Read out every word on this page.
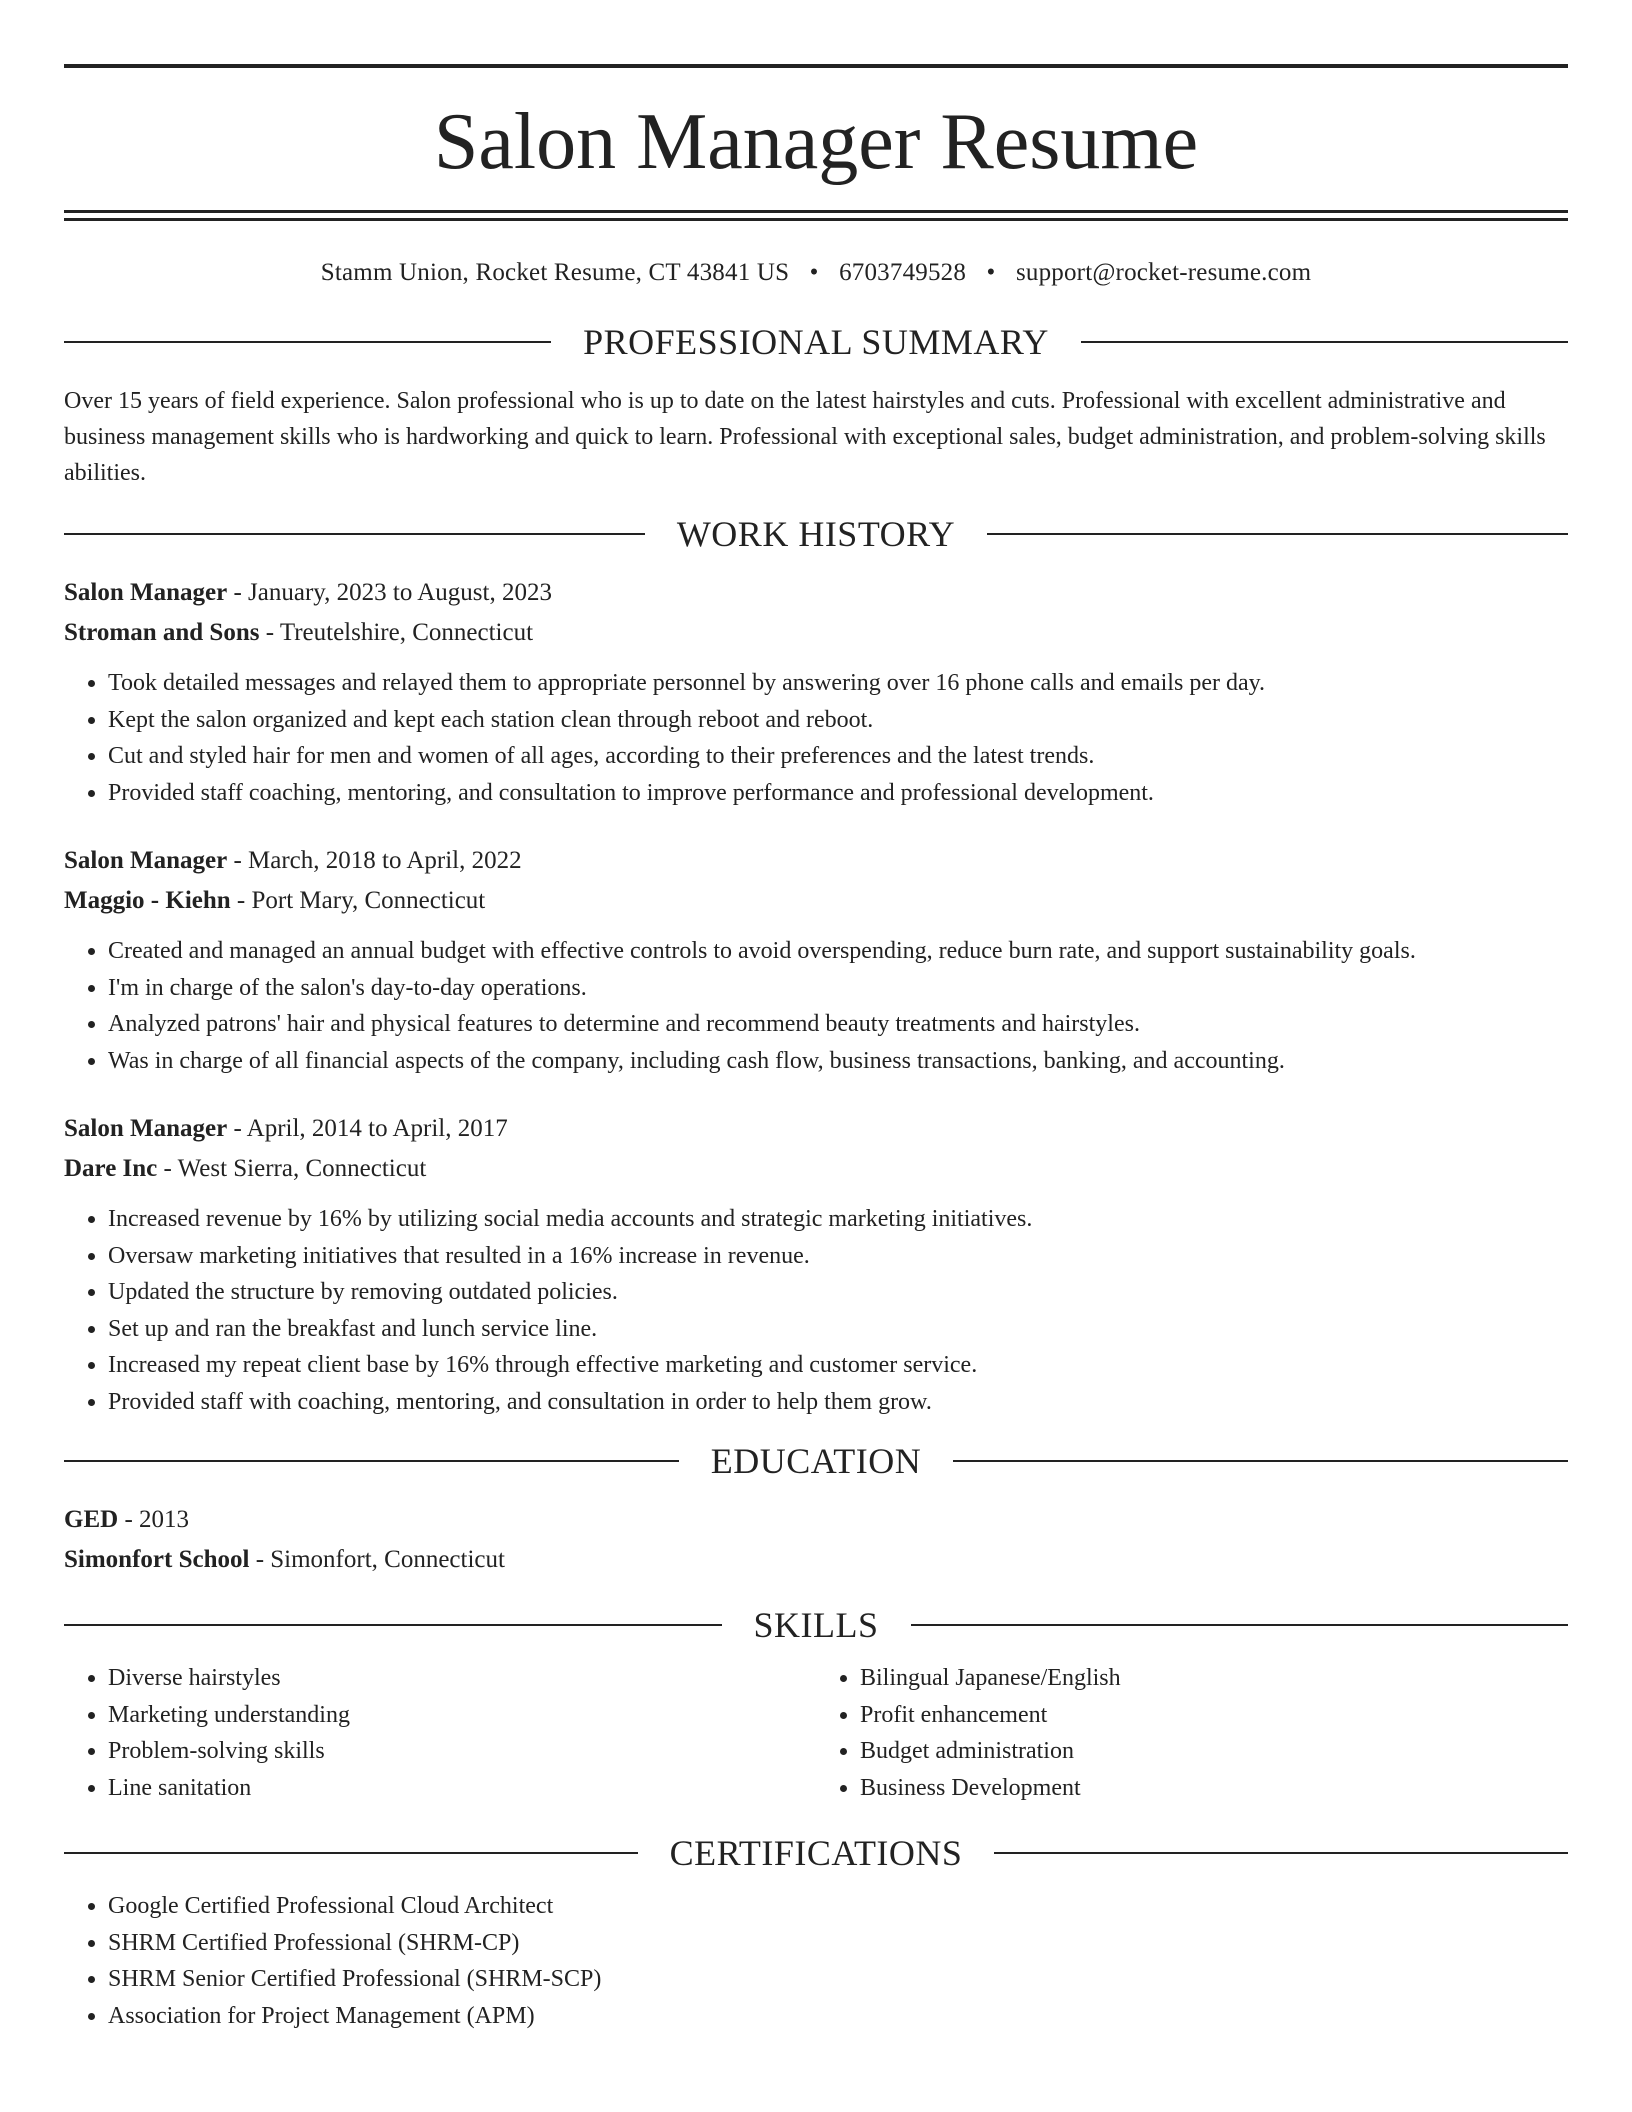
Salon Manager Resume
Stamm Union, Rocket Resume, CT 43841 US • 6703749528 • support@rocket-resume.com
PROFESSIONAL SUMMARY
Over 15 years of field experience. Salon professional who is up to date on the latest hairstyles and cuts. Professional with excellent administrative and business management skills who is hardworking and quick to learn. Professional with exceptional sales, budget administration, and problem-solving skills abilities.
WORK HISTORY
Salon Manager - January, 2023 to August, 2023
Stroman and Sons - Treutelshire, Connecticut
• Took detailed messages and relayed them to appropriate personnel by answering over 16 phone calls and emails per day.
• Kept the salon organized and kept each station clean through reboot and reboot.
• Cut and styled hair for men and women of all ages, according to their preferences and the latest trends.
• Provided staff coaching, mentoring, and consultation to improve performance and professional development.
Salon Manager - March, 2018 to April, 2022
Maggio - Kiehn - Port Mary, Connecticut
• Created and managed an annual budget with effective controls to avoid overspending, reduce burn rate, and support sustainability goals.
• I'm in charge of the salon's day-to-day operations.
• Analyzed patrons' hair and physical features to determine and recommend beauty treatments and hairstyles.
• Was in charge of all financial aspects of the company, including cash flow, business transactions, banking, and accounting.
Salon Manager - April, 2014 to April, 2017
Dare Inc - West Sierra, Connecticut
• Increased revenue by 16% by utilizing social media accounts and strategic marketing initiatives.
• Oversaw marketing initiatives that resulted in a 16% increase in revenue.
• Updated the structure by removing outdated policies.
• Set up and ran the breakfast and lunch service line.
• Increased my repeat client base by 16% through effective marketing and customer service.
• Provided staff with coaching, mentoring, and consultation in order to help them grow.
EDUCATION
GED - 2013
Simonfort School - Simonfort, Connecticut
SKILLS
• Diverse hairstyles
• Marketing understanding
• Problem-solving skills
• Line sanitation
• Bilingual Japanese/English
• Profit enhancement
• Budget administration
• Business Development
CERTIFICATIONS
• Google Certified Professional Cloud Architect
• SHRM Certified Professional (SHRM-CP)
• SHRM Senior Certified Professional (SHRM-SCP)
• Association for Project Management (APM)
